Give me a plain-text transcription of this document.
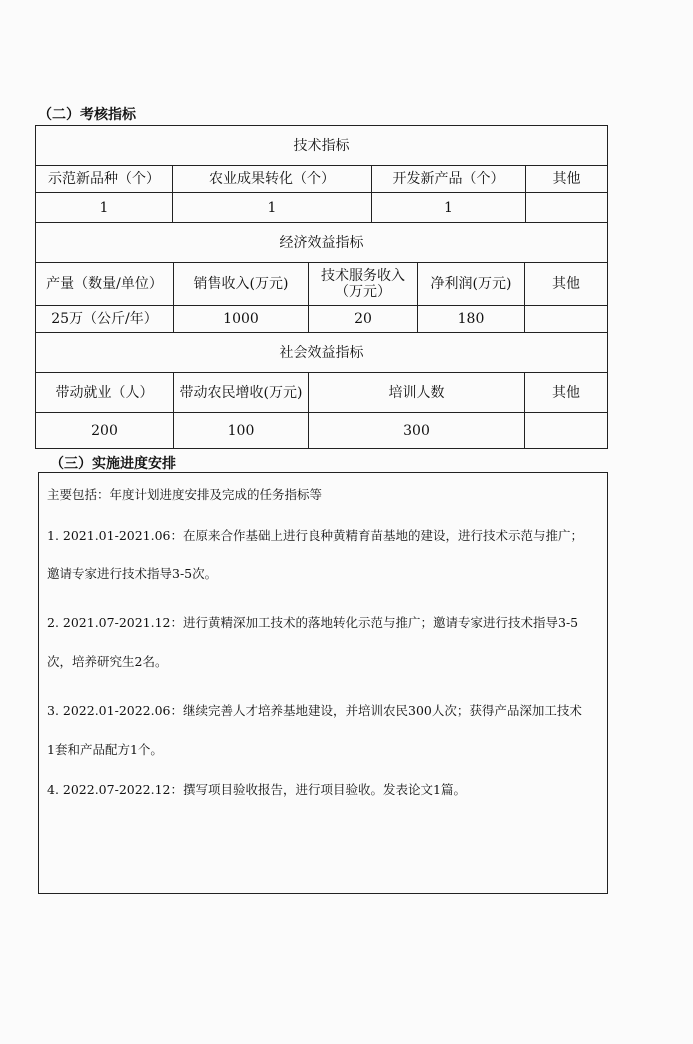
（二）考核指标
技术指标			
示范新品种（个）	农业成果转化（个）	开发新产品（个）	其他
1	1	1	
经济效益指标				
产量（数量/单位）	销售收入(万元)	技术服务收入（万元）	净利润(万元)	其他
25万（公斤/年）	1000	20	180	
社会效益指标			
带动就业（人）	带动农民增收(万元)	培训人数	其他
200	100	300	
（三）实施进度安排
主要包括：年度计划进度安排及完成的任务指标等
1. 2021.01-2021.06：在原来合作基础上进行良种黄精育苗基地的建设，进行技术示范与推广；
邀请专家进行技术指导3-5次。
2. 2021.07-2021.12：进行黄精深加工技术的落地转化示范与推广；邀请专家进行技术指导3-5
次，培养研究生2名。
3. 2022.01-2022.06：继续完善人才培养基地建设，并培训农民300人次；获得产品深加工技术
1套和产品配方1个。
4. 2022.07-2022.12：撰写项目验收报告，进行项目验收。发表论文1篇。
